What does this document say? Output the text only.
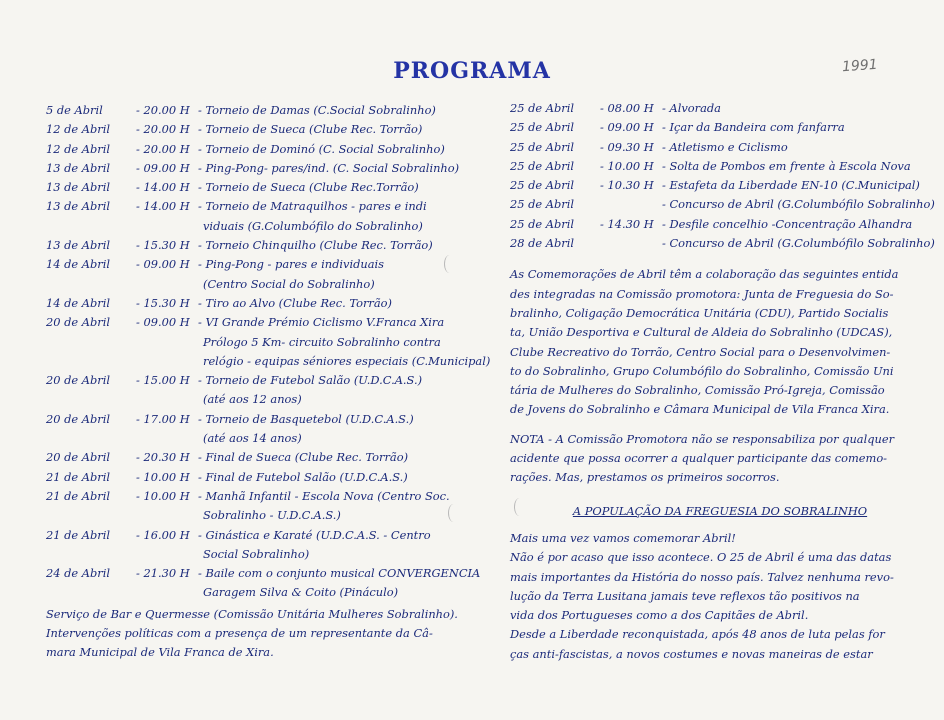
PROGRAMA	1991
5 de Abril	- 20.00 H - Torneio de Damas (C.Social Sobralinho)
12 de Abril - 20.00 H - Torneio de Sueca (Clube Rec. Torrão)
12 de Abril - 20.00 H - Torneio de Dominó (C. Social Sobralinho)
13 de Abril - 09.00 H - Ping-Pong- pares/ind. (C. Social Sobralinho)
13 de Abril - 14.00 H - Torneio de Sueca (Clube Rec.Torrão)
13 de Abril - 14.00 H - Torneio de Matraquilhos - pares e indi
viduais (G.Columbófilo do Sobralinho)
13 de Abril - 15.30 H - Torneio Chinquilho (Clube Rec. Torrão)
14 de Abril - 09.00 H - Ping-Pong - pares e individuais
(Centro Social do Sobralinho)
14 de Abril - 15.30 H - Tiro ao Alvo (Clube Rec. Torrão)
20 de Abril - 09.00 H - VI Grande Prémio Ciclismo V.Franca Xira
Prólogo 5 Km- circuito Sobralinho contra
relógio - equipas séniores especiais (C.Municipal)
20 de Abril - 15.00 H - Torneio de Futebol Salão (U.D.C.A.S.)
(até aos 12 anos)
20 de Abril - 17.00 H - Torneio de Basquetebol (U.D.C.A.S.)
(até aos 14 anos)
20 de Abril - 20.30 H - Final de Sueca (Clube Rec. Torrão)
21 de Abril - 10.00 H - Final de Futebol Salão (U.D.C.A.S.)
21 de Abril - 10.00 H - Manhã Infantil - Escola Nova (Centro Soc.
Sobralinho - U.D.C.A.S.)
21 de Abril - 16.00 H - Ginástica e Karaté (U.D.C.A.S. - Centro
Social Sobralinho)
24 de Abril - 21.30 H - Baile com o conjunto musical CONVERGENCIA
Garagem Silva & Coito (Pináculo)

Serviço de Bar e Quermesse (Comissão Unitária Mulheres Sobralinho).

Intervenções políticas com a presença de um representante da Câ-

mara Municipal de Vila Franca de Xira.

25 de Abril - 08.00 H - Alvorada
25 de Abril - 09.00 H - Içar da Bandeira com fanfarra
25 de Abril - 09.30 H - Atletismo e Ciclismo
25 de Abril - 10.00 H - Solta de Pombos em frente à Escola Nova
25 de Abril - 10.30 H - Estafeta da Liberdade EN-10 (C.Municipal)
25 de Abril	- Concurso de Abril (G.Columbófilo Sobralinho)
25 de Abril - 14.30 H - Desfile concelhio -Concentração Alhandra
28 de Abril	- Concurso de Abril (G.Columbófilo Sobralinho)

As Comemorações de Abril têm a colaboração das seguintes entida

des integradas na Comissão promotora: Junta de Freguesia do So-

bralinho, Coligação Democrática Unitária (CDU), Partido Socialis

ta, União Desportiva e Cultural de Aldeia do Sobralinho (UDCAS),

Clube Recreativo do Torrão, Centro Social para o Desenvolvimen-

to do Sobralinho, Grupo Columbófilo do Sobralinho, Comissão Uni

tária de Mulheres do Sobralinho, Comissão Pró-Igreja, Comissão

de Jovens do Sobralinho e Câmara Municipal de Vila Franca Xira.

NOTA - A Comissão Promotora não se responsabiliza por qualquer

acidente que possa ocorrer a qualquer participante das comemo-

rações. Mas, prestamos os primeiros socorros.

A POPULAÇÃO DA FREGUESIA DO SOBRALINHO

Mais uma vez vamos comemorar Abril!

Não é por acaso que isso acontece. O 25 de Abril é uma das datas

mais importantes da História do nosso país. Talvez nenhuma revo-

lução da Terra Lusitana jamais teve reflexos tão positivos na

vida dos Portugueses como a dos Capitães de Abril.

Desde a Liberdade reconquistada, após 48 anos de luta pelas for

ças anti-fascistas, a novos costumes e novas maneiras de estar
